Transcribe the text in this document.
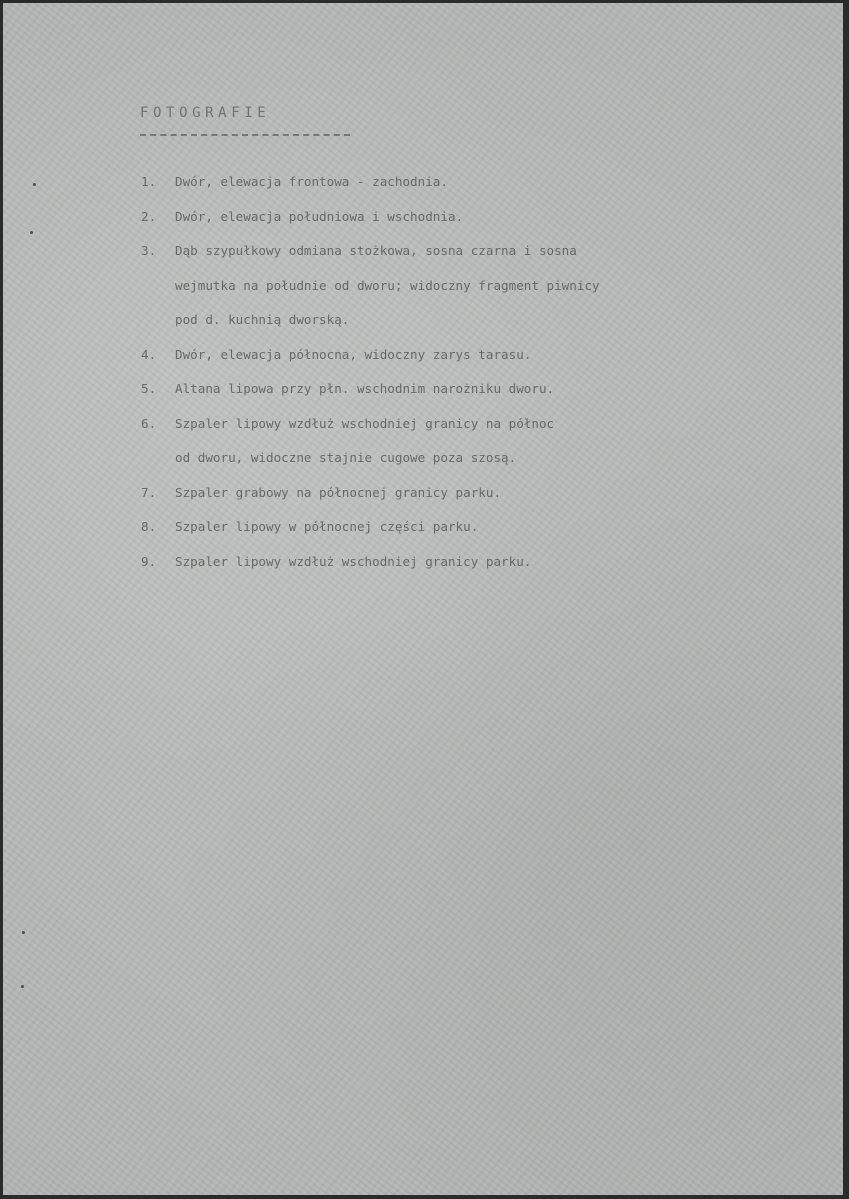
FOTOGRAFIE
1. Dwór, elewacja frontowa - zachodnia.
2. Dwór, elewacja południowa i wschodnia.
3. Dąb szypułkowy odmiana stożkowa, sosna czarna i sosna
wejmutka na południe od dworu; widoczny fragment piwnicy
pod d. kuchnią dworską.
4. Dwór, elewacja północna, widoczny zarys tarasu.
5. Altana lipowa przy płn. wschodnim narożniku dworu.
6. Szpaler lipowy wzdłuż wschodniej granicy na północ
od dworu, widoczne stajnie cugowe poza szosą.
7. Szpaler grabowy na północnej granicy parku.
8. Szpaler lipowy w północnej części parku.
9. Szpaler lipowy wzdłuż wschodniej granicy parku.
